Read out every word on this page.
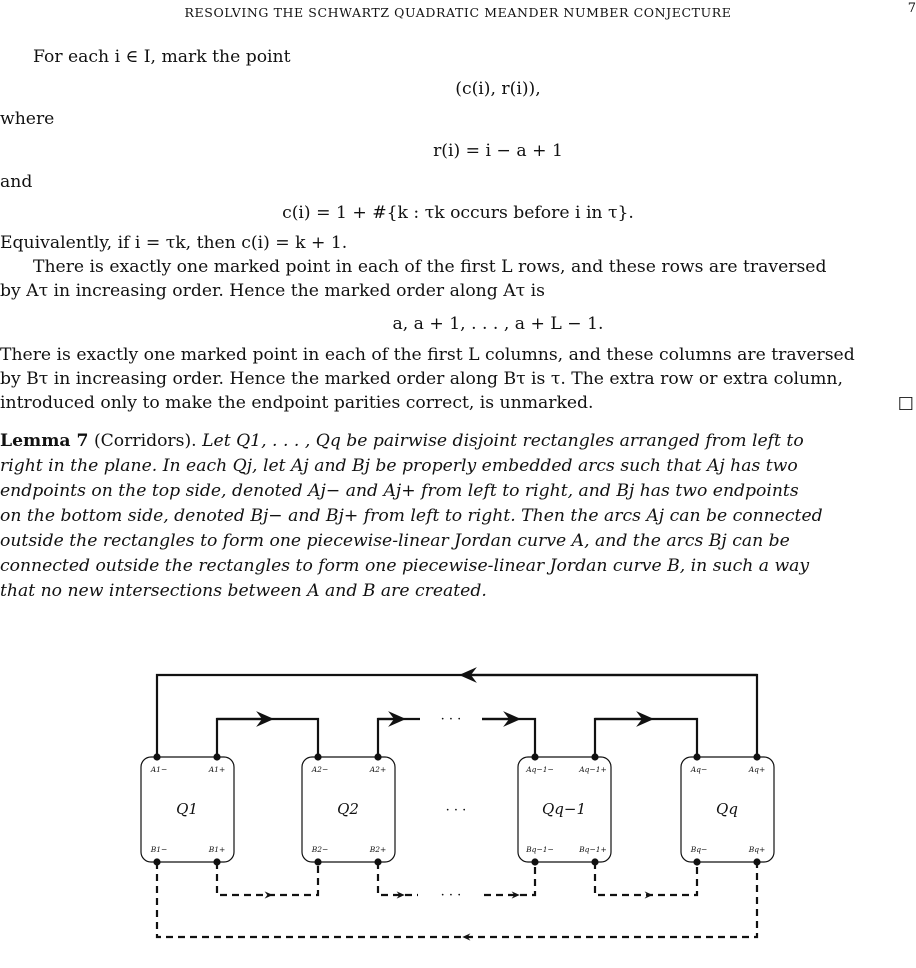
RESOLVING THE SCHWARTZ QUADRATIC MEANDER NUMBER CONJECTURE	7
For each i ∈ I, mark the point
(c(i), r(i)),
where
r(i) = i − a + 1
and
c(i) = 1 + #{k : τk occurs before i in τ}.
Equivalently, if i = τk, then c(i) = k + 1.
There is exactly one marked point in each of the first L rows, and these rows are traversed
by Aτ in increasing order. Hence the marked order along Aτ is
a, a + 1, . . . , a + L − 1.
There is exactly one marked point in each of the first L columns, and these columns are traversed
by Bτ in increasing order. Hence the marked order along Bτ is τ. The extra row or extra column,
introduced only to make the endpoint parities correct, is unmarked.	□
Lemma 7 (Corridors). Let Q1, . . . , Qq be pairwise disjoint rectangles arranged from left to
right in the plane. In each Qj, let Aj and Bj be properly embedded arcs such that Aj has two
endpoints on the top side, denoted Aj− and Aj+ from left to right, and Bj has two endpoints
on the bottom side, denoted Bj− and Bj+ from left to right. Then the arcs Aj can be connected
outside the rectangles to form one piecewise-linear Jordan curve A, and the arcs Bj can be
connected outside the rectangles to form one piecewise-linear Jordan curve B, in such a way
that no new intersections between A and B are created.
Q1	Q2	Qq−1	Qq
A1−	A1+
B1−	B1+
A2−	A2+
B2−	B2+
Aq−1−	Aq−1+
Bq−1−	Bq−1+
Aq−	Aq+
Bq−	Bq+
· · ·
· · ·
· · ·
